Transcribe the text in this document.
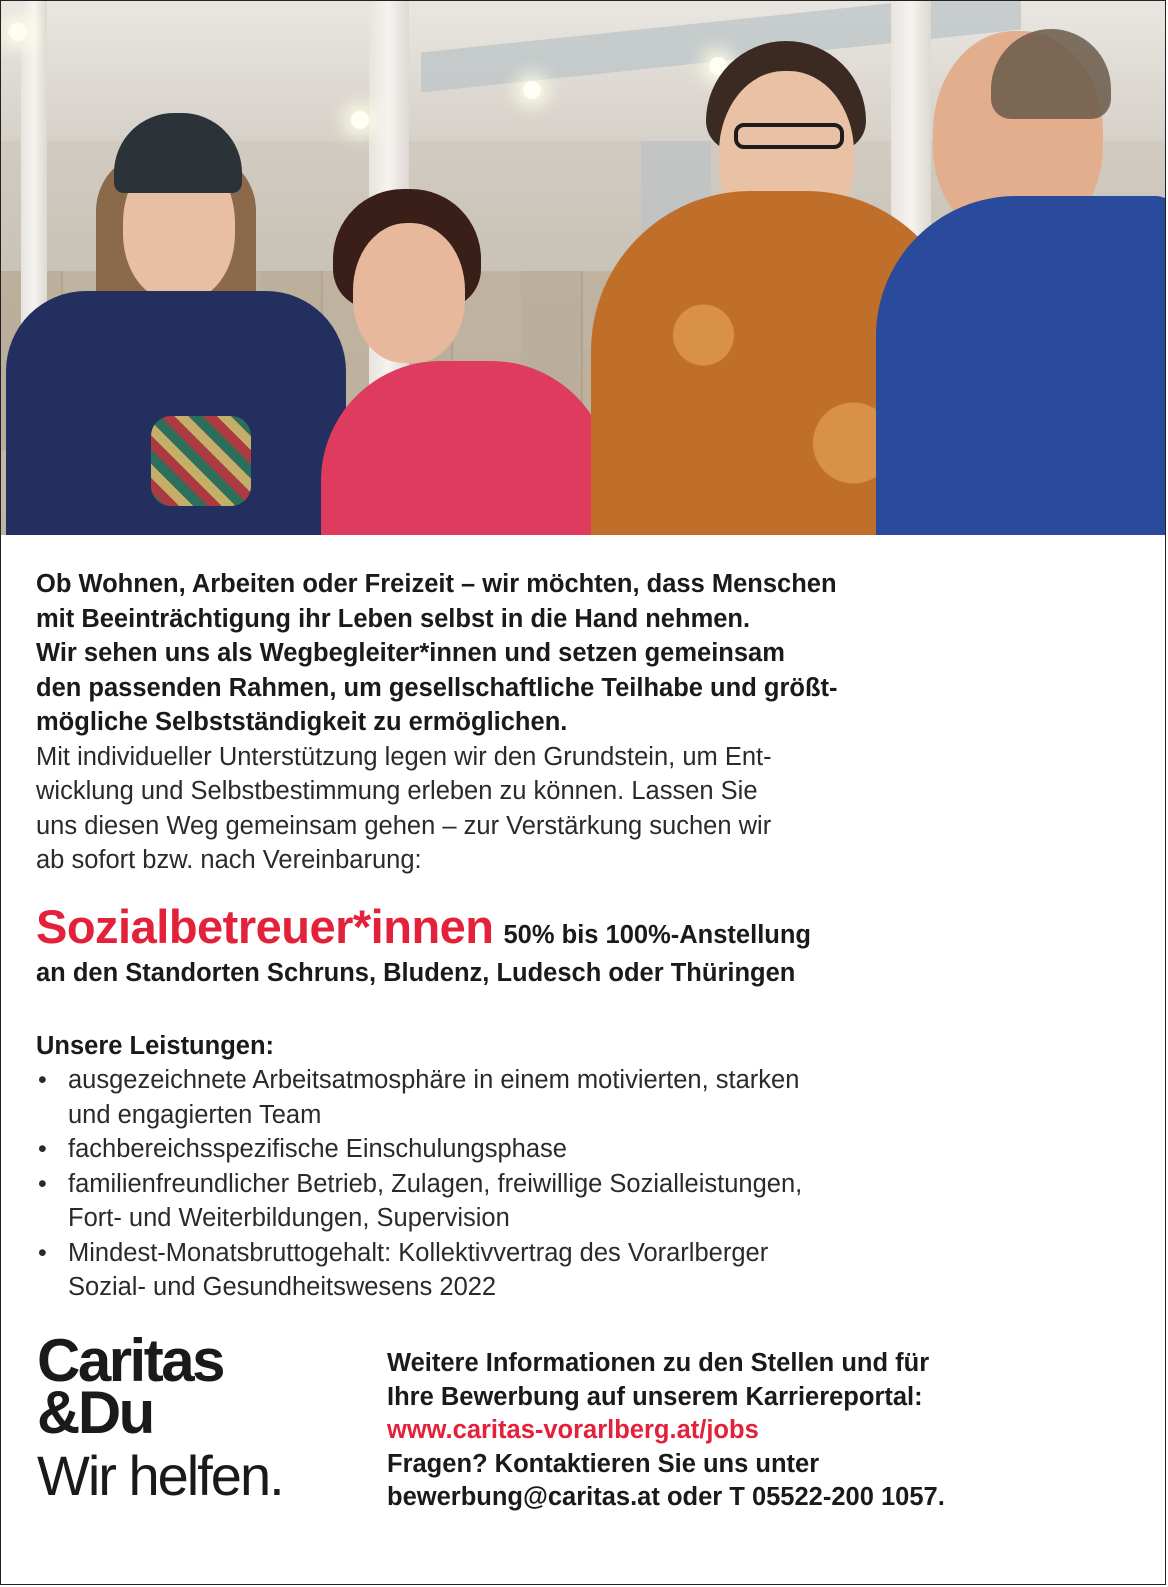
Ob Wohnen, Arbeiten oder Freizeit – wir möchten, dass Menschen

mit Beeinträchtigung ihr Leben selbst in die Hand nehmen.

Wir sehen uns als Wegbegleiter*innen und setzen gemeinsam

den passenden Rahmen, um gesellschaftliche Teilhabe und größt-

mögliche Selbstständigkeit zu ermöglichen.

Mit individueller Unterstützung legen wir den Grundstein, um Ent-

wicklung und Selbstbestimmung erleben zu können. Lassen Sie

uns diesen Weg gemeinsam gehen – zur Verstärkung suchen wir

ab sofort bzw. nach Vereinbarung:

Sozialbetreuer*innen 50% bis 100%-Anstellung

an den Standorten Schruns, Bludenz, Ludesch oder Thüringen

Unsere Leistungen:

• ausgezeichnete Arbeitsatmosphäre in einem motivierten, starken
und engagierten Team
• fachbereichsspezifische Einschulungsphase
• familienfreundlicher Betrieb, Zulagen, freiwillige Sozialleistungen,
Fort- und Weiterbildungen, Supervision
• Mindest-Monatsbruttogehalt: Kollektivvertrag des Vorarlberger
Sozial- und Gesundheitswesens 2022
Caritas
&Du
Wir helfen.

Weitere Informationen zu den Stellen und für

Ihre Bewerbung auf unserem Karriereportal:

www.caritas-vorarlberg.at/jobs

Fragen? Kontaktieren Sie uns unter

bewerbung@caritas.at oder T 05522-200 1057.
